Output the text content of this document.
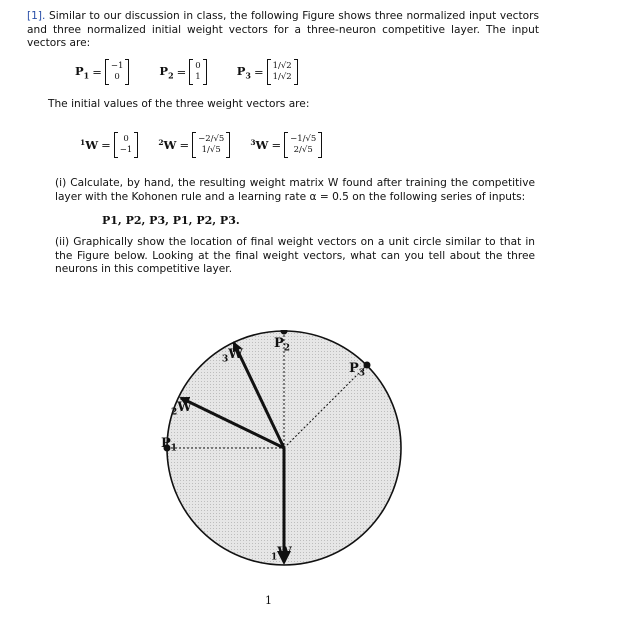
[1]. Similar to our discussion in class, the following Figure shows three normalized input vectors and three normalized initial weight vectors for a three-neuron competitive layer. The input vectors are:
$P_1 = -1$
0	$P_2 = 0$
1	$P_3 = 1/√2$
1/√2
The initial values of the three weight vectors are:
$^1$W = 0
−1
$^2$W = −2/√5
1/√5
$^3$W = −1/√5
2/√5
(i) Calculate, by hand, the resulting weight matrix W found after training the competitive layer with the Kohonen rule and a learning rate α = 0.5 on the following series of inputs:
P1, P2, P3, P1, P2, P3.
(ii) Graphically show the location of final weight vectors on a unit circle similar to that in the Figure below. Looking at the final weight vectors, what can you tell about the three neurons in this competitive layer.
$P_2$
$P_3$
$P_1$
$_3$W
$_2$W
$_1$W
1
